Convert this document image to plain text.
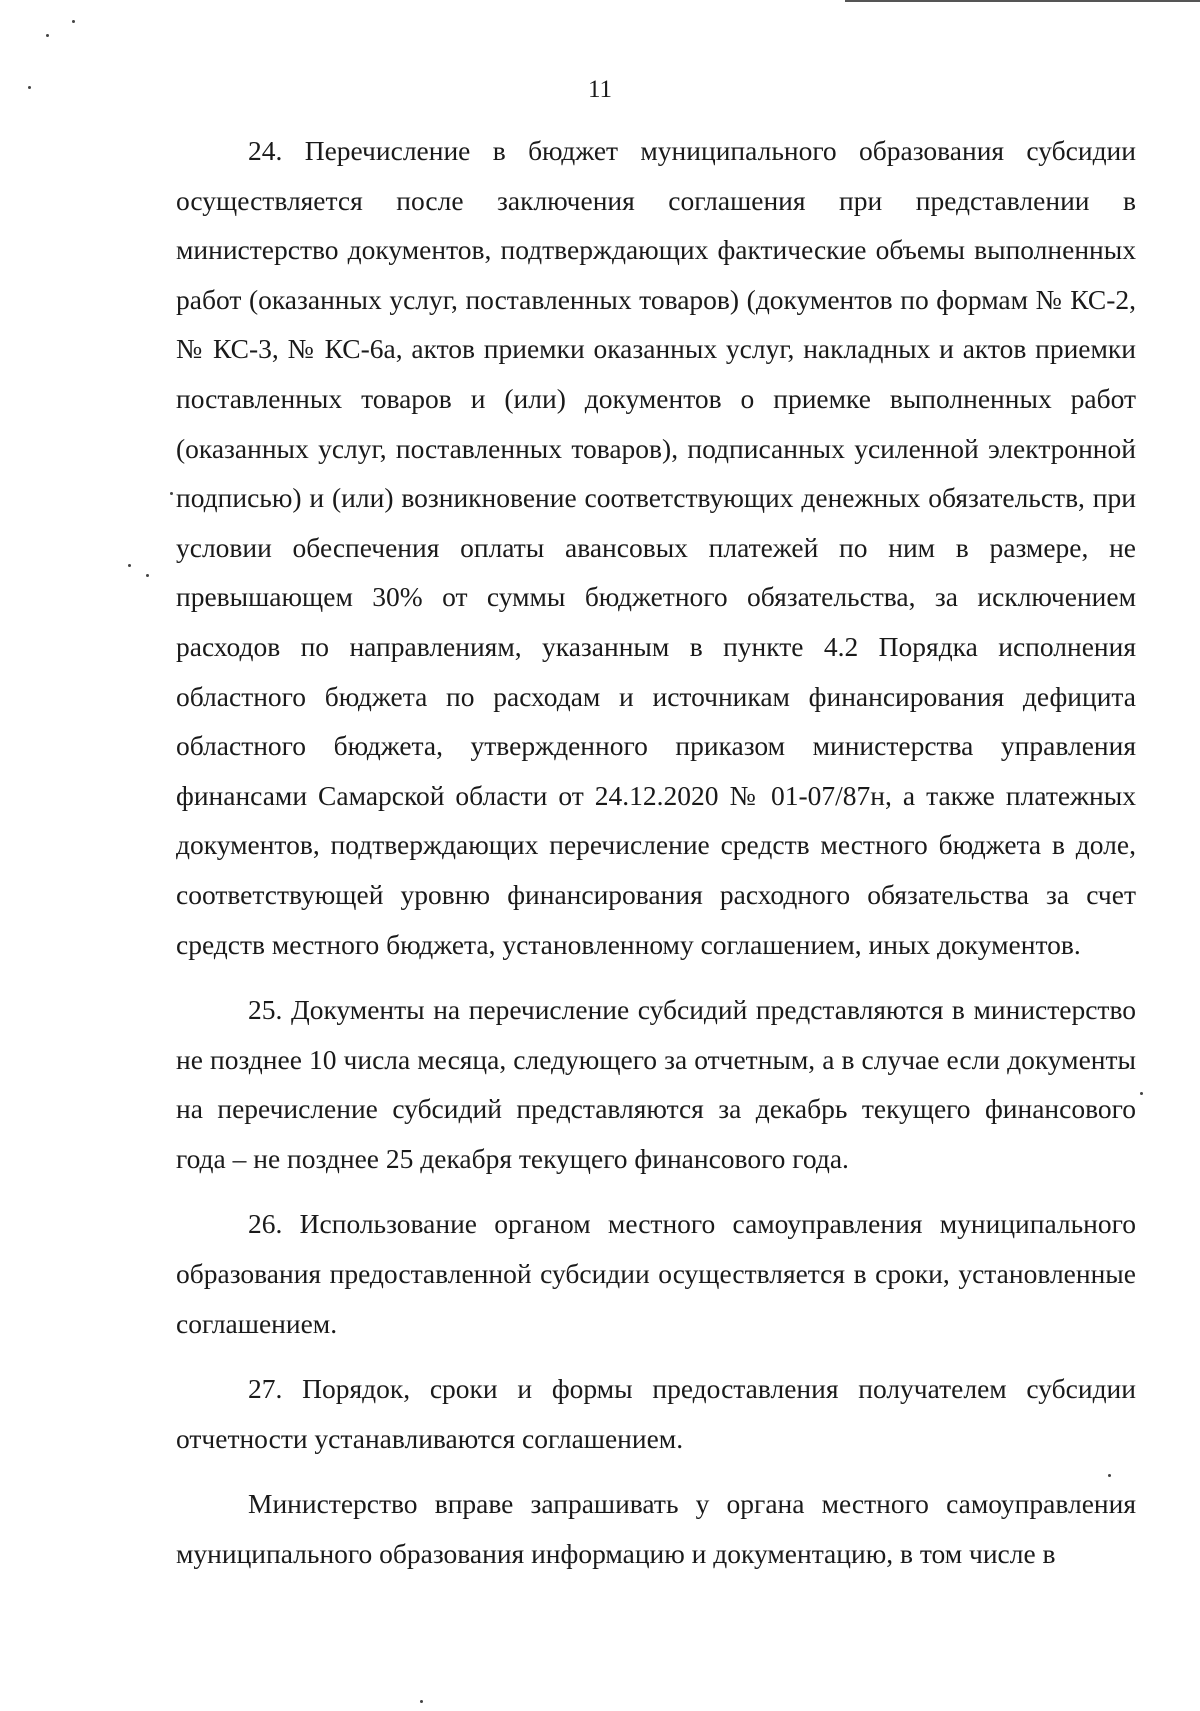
11

24. Перечисление в бюджет муниципального образования субсидии осуществляется после заключения соглашения при представлении в министерство документов, подтверждающих фактические объемы выполненных работ (оказанных услуг, поставленных товаров) (документов по формам № КС-2, № КС-3, № КС-6а, актов приемки оказанных услуг, накладных и актов приемки поставленных товаров и (или) документов о приемке выполненных работ (оказанных услуг, поставленных товаров), подписанных усиленной электронной подписью) и (или) возникновение соответствующих денежных обязательств, при условии обеспечения оплаты авансовых платежей по ним в размере, не превышающем 30% от суммы бюджетного обязательства, за исключением расходов по направлениям, указанным в пункте 4.2 Порядка исполнения областного бюджета по расходам и источникам финансирования дефицита областного бюджета, утвержденного приказом министерства управления финансами Самарской области от 24.12.2020 № 01-07/87н, а также платежных документов, подтверждающих перечисление средств местного бюджета в доле, соответствующей уровню финансирования расходного обязательства за счет средств местного бюджета, установленному соглашением, иных документов.

25. Документы на перечисление субсидий представляются в министерство не позднее 10 числа месяца, следующего за отчетным, а в случае если документы на перечисление субсидий представляются за декабрь текущего финансового года – не позднее 25 декабря текущего финансового года.

26. Использование органом местного самоуправления муниципального образования предоставленной субсидии осуществляется в сроки, установленные соглашением.

27. Порядок, сроки и формы предоставления получателем субсидии отчетности устанавливаются соглашением.

Министерство вправе запрашивать у органа местного самоуправления муниципального образования информацию и документацию, в том числе в
